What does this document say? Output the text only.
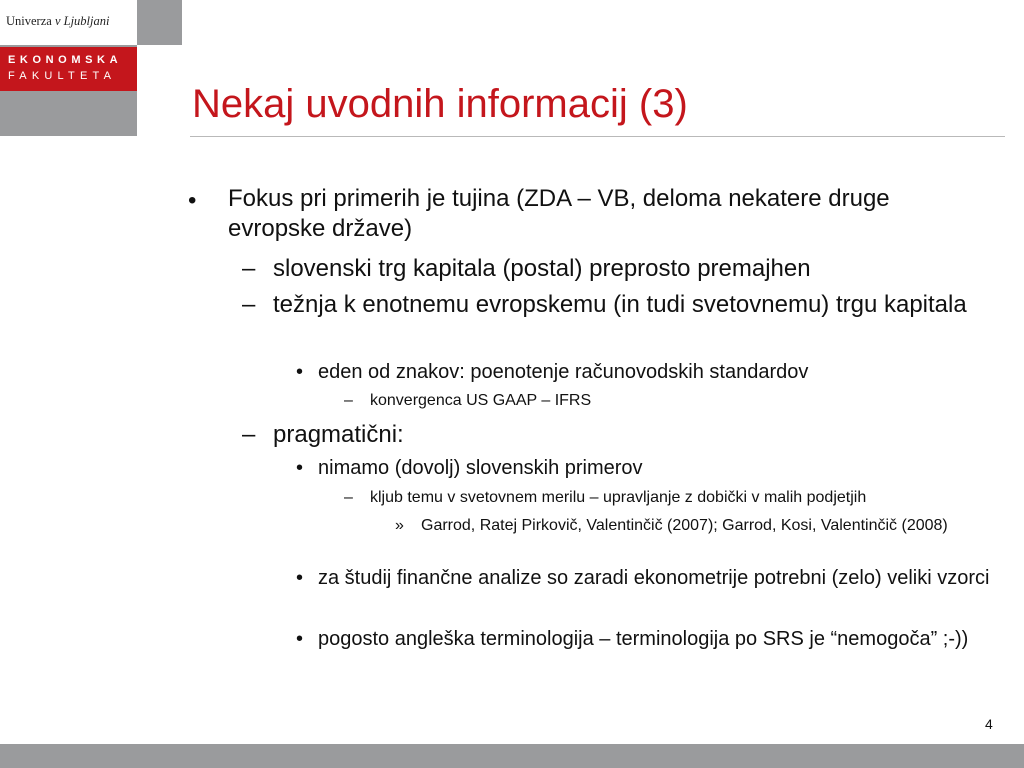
Univerza v Ljubljani
EKONOMSKA
FAKULTETA
Nekaj uvodnih informacij (3)
• Fokus pri primerih je tujina (ZDA – VB, deloma nekatere druge evropske države)
– slovenski trg kapitala (postal) preprosto premajhen
– težnja k enotnemu evropskemu (in tudi svetovnemu) trgu kapitala
• eden od znakov: poenotenje računovodskih standardov
– konvergenca US GAAP – IFRS
– pragmatični:
• nimamo (dovolj) slovenskih primerov
– kljub temu v svetovnem merilu – upravljanje z dobički v malih podjetjih
» Garrod, Ratej Pirkovič, Valentinčič (2007); Garrod, Kosi, Valentinčič (2008)
• za študij finančne analize so zaradi ekonometrije potrebni (zelo) veliki vzorci
• pogosto angleška terminologija – terminologija po SRS je “nemogoča” ;-))
4
